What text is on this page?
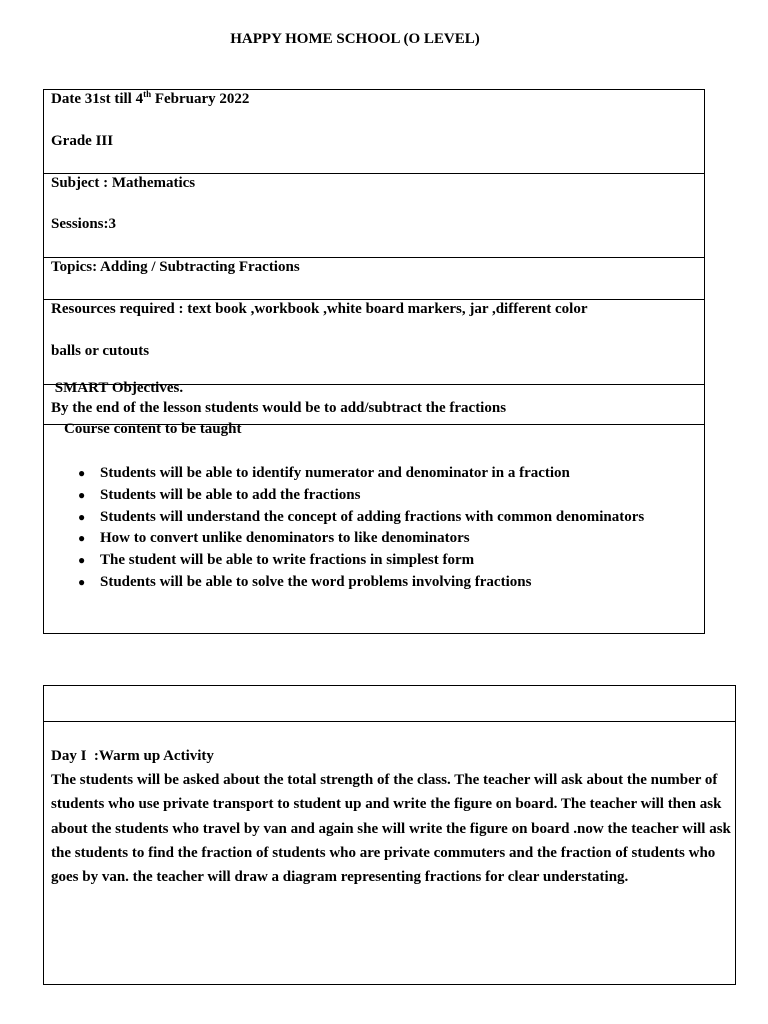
HAPPY HOME SCHOOL (O LEVEL)
Date 31st till 4th February 2022
Grade III
Subject : Mathematics
Sessions:3
Topics: Adding / Subtracting Fractions
Resources required : text book ,workbook ,white board markers, jar ,different color
balls or cutouts
SMART Objectives.
By the end of the lesson students would be to add/subtract the fractions
Course content to be taught
● Students will be able to identify numerator and denominator in a fraction
● Students will be able to add the fractions
● Students will understand the concept of adding fractions with common denominators
● How to convert unlike denominators to like denominators
● The student will be able to write fractions in simplest form
● Students will be able to solve the word problems involving fractions
Day I  :Warm up Activity
The students will be asked about the total strength of the class. The teacher will ask about the number of students who use private transport to student up and write the figure on board. The teacher will then ask about the students who travel by van and again she will write the figure on board .now the teacher will ask the students to find the fraction of students who are private commuters and the fraction of students who goes by van. the teacher will draw a diagram representing fractions for clear understating.
